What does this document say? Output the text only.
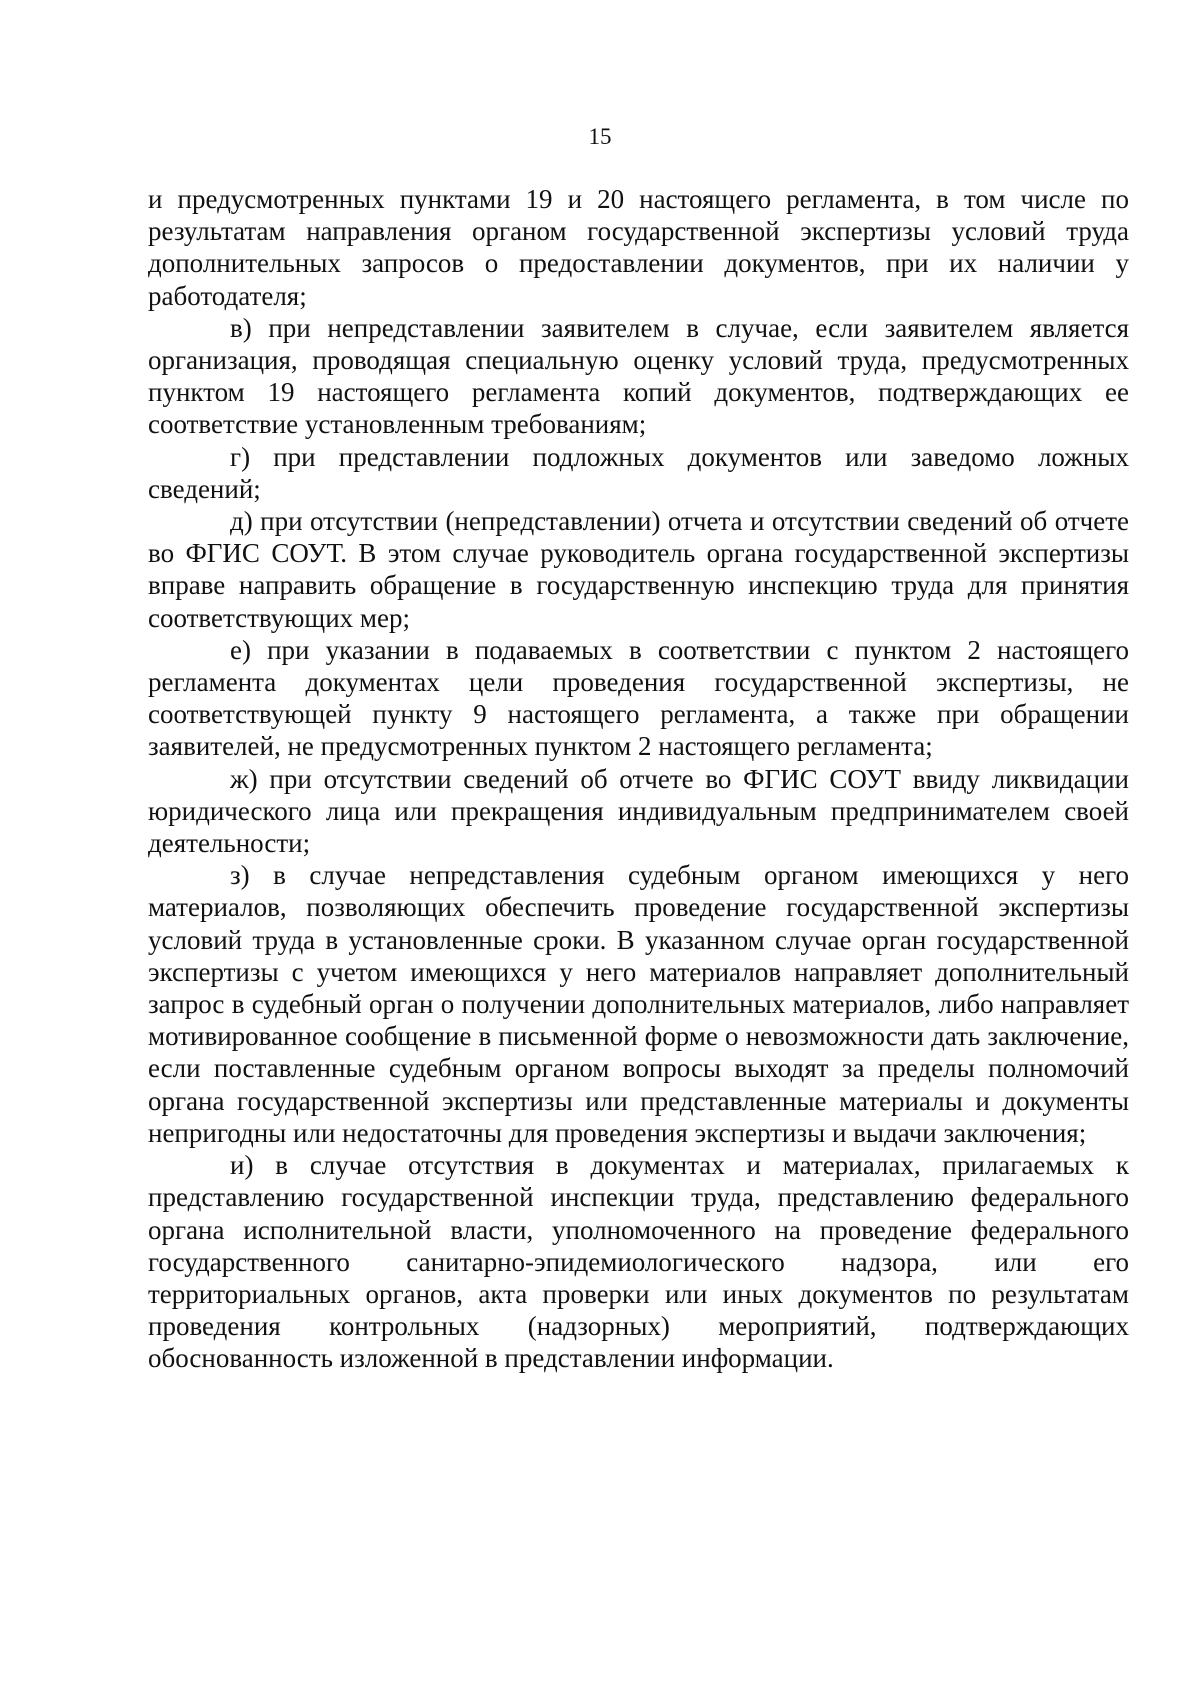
15

и предусмотренных пунктами 19 и 20 настоящего регламента, в том числе по результатам направления органом государственной экспертизы условий труда дополнительных запросов о предоставлении документов, при их наличии у работодателя;

в) при непредставлении заявителем в случае, если заявителем является организация, проводящая специальную оценку условий труда, предусмотренных пунктом 19 настоящего регламента копий документов, подтверждающих ее соответствие установленным требованиям;

г) при представлении подложных документов или заведомо ложных сведений;

д) при отсутствии (непредставлении) отчета и отсутствии сведений об отчете во ФГИС СОУТ. В этом случае руководитель органа государственной экспертизы вправе направить обращение в государственную инспекцию труда для принятия соответствующих мер;

е) при указании в подаваемых в соответствии с пунктом 2 настоящего регламента документах цели проведения государственной экспертизы, не соответствующей пункту 9 настоящего регламента, а также при обращении заявителей, не предусмотренных пунктом 2 настоящего регламента;

ж) при отсутствии сведений об отчете во ФГИС СОУТ ввиду ликвидации юридического лица или прекращения индивидуальным предпринимателем своей деятельности;

з) в случае непредставления судебным органом имеющихся у него материалов, позволяющих обеспечить проведение государственной экспертизы условий труда в установленные сроки. В указанном случае орган государственной экспертизы с учетом имеющихся у него материалов направляет дополнительный запрос в судебный орган о получении дополнительных материалов, либо направляет мотивированное сообщение в письменной форме о невозможности дать заключение, если поставленные судебным органом вопросы выходят за пределы полномочий органа государственной экспертизы или представленные материалы и документы непригодны или недостаточны для проведения экспертизы и выдачи заключения;

и) в случае отсутствия в документах и материалах, прилагаемых к представлению государственной инспекции труда, представлению федерального органа исполнительной власти, уполномоченного на проведение федерального государственного санитарно-эпидемиологического надзора, или его территориальных органов, акта проверки или иных документов по результатам проведения контрольных (надзорных) мероприятий, подтверждающих обоснованность изложенной в представлении информации.
